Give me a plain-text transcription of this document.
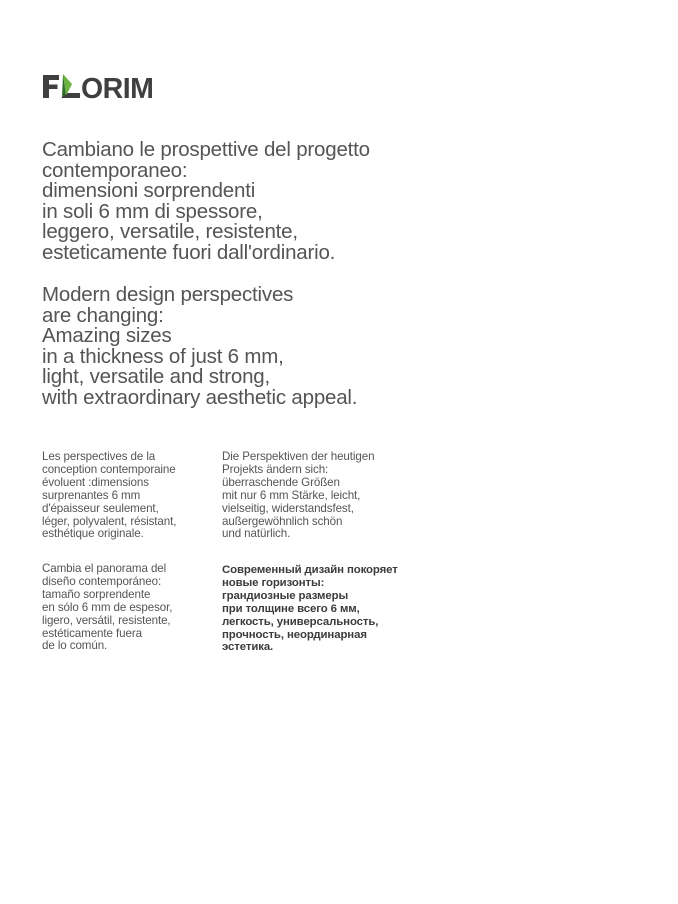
ORIM

Cambiano le prospettive del progetto
contemporaneo:
dimensioni sorprendenti
in soli 6 mm di spessore,
leggero, versatile, resistente,
esteticamente fuori dall'ordinario.

Modern design perspectives
are changing:
Amazing sizes
in a thickness of just 6 mm,
light, versatile and strong,
with extraordinary aesthetic appeal.

Les perspectives de la
conception contemporaine
évoluent :dimensions
surprenantes 6 mm
d'épaisseur seulement,
léger, polyvalent, résistant,
esthétique originale.

Die Perspektiven der heutigen
Projekts ändern sich:
überraschende Größen
mit nur 6 mm Stärke, leicht,
vielseitig, widerstandsfest,
außergewöhnlich schön
und natürlich.

Cambia el panorama del
diseño contemporáneo:
tamaño sorprendente
en sólo 6 mm de espesor,
ligero, versátil, resistente,
estéticamente fuera
de lo común.

Современный дизайн покоряет
новые горизонты:
грандиозные размеры
при толщине всего 6 мм,
легкость, универсальность,
прочность, неординарная
эстетика.
